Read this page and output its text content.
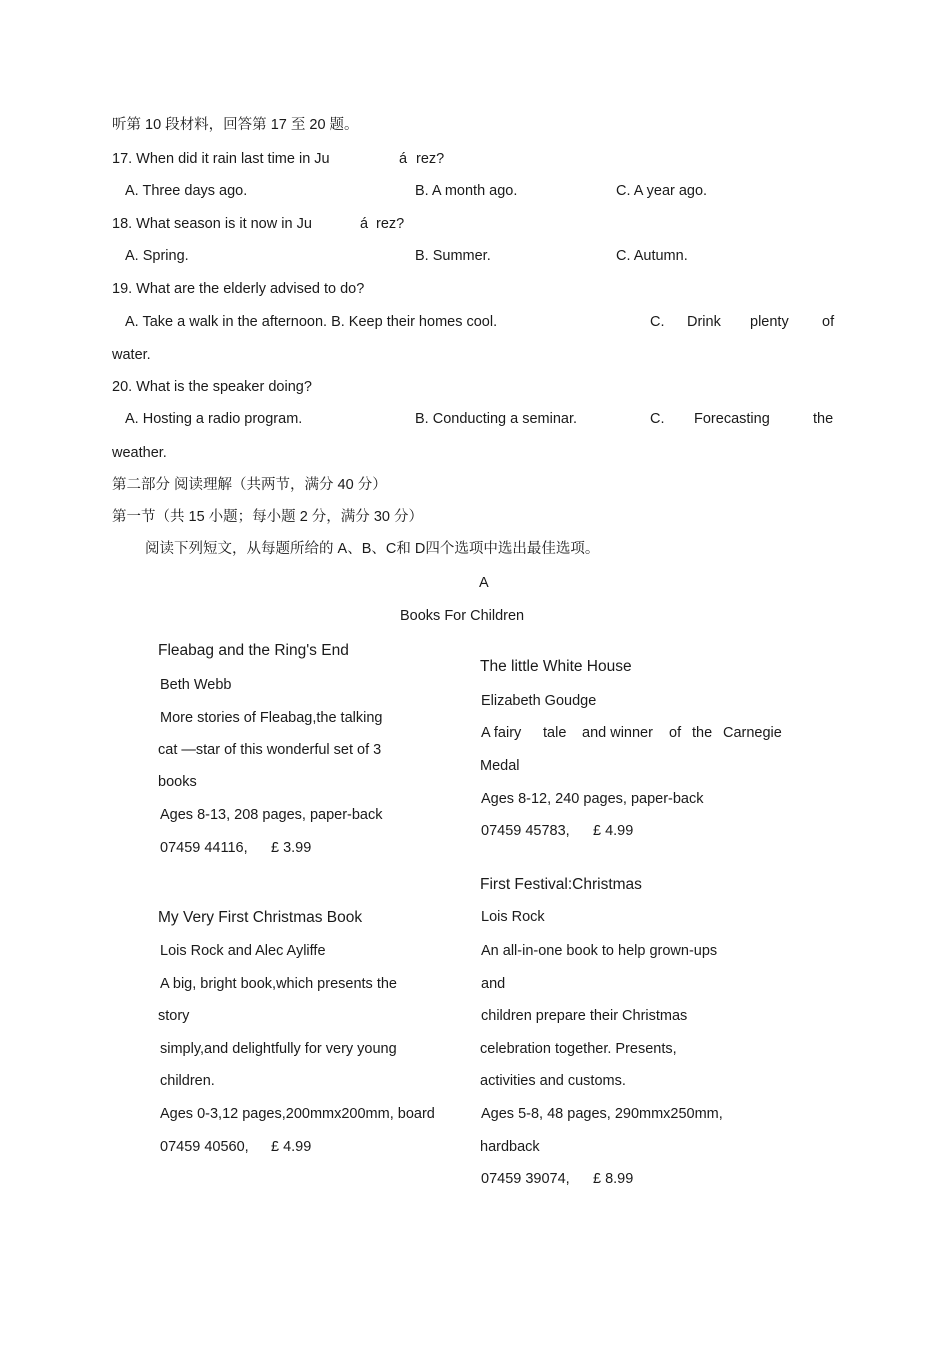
听第 10 段材料，回答第 17 至 20 题。
17. When did it rain last time in Ju	á rez?
A. Three days ago.	B. A month ago.	C. A year ago.
18. What season is it now in Ju	á rez?
A. Spring.	B. Summer.	C. Autumn.
19. What are the elderly advised to do?
A. Take a walk in the afternoon. B. Keep their homes cool.	C. Drink plenty of
water.
20. What is the speaker doing?
A. Hosting a radio program.	B. Conducting a seminar.	C. Forecasting	the
weather.
第二部分 阅读理解（共两节，满分 40 分）
第一节（共 15 小题；每小题 2 分，满分 30 分）
阅读下列短文，从每题所给的 A、B、C和 D四个选项中选出最佳选项。
A
Books For Children
Fleabag and the Ring's End
Beth Webb
More stories of Fleabag,the talking
cat —star of this wonderful set of 3
books
Ages 8-13, 208 pages, paper-back
07459 44116, £ 3.99
The little White House
Elizabeth Goudge
A fairy tale and winner of the Carnegie
Medal
Ages 8-12, 240 pages, paper-back
07459 45783, £ 4.99
My Very First Christmas Book
Lois Rock and Alec Ayliffe
A big, bright book,which presents the
story
simply,and delightfully for very young
children.
Ages 0-3,12 pages,200mmx200mm, board
07459 40560, £ 4.99
First Festival:Christmas
Lois Rock
An all-in-one book to help grown-ups
and
children prepare their Christmas
celebration together. Presents,
activities and customs.
Ages 5-8, 48 pages, 290mmx250mm,
hardback
07459 39074, £ 8.99
